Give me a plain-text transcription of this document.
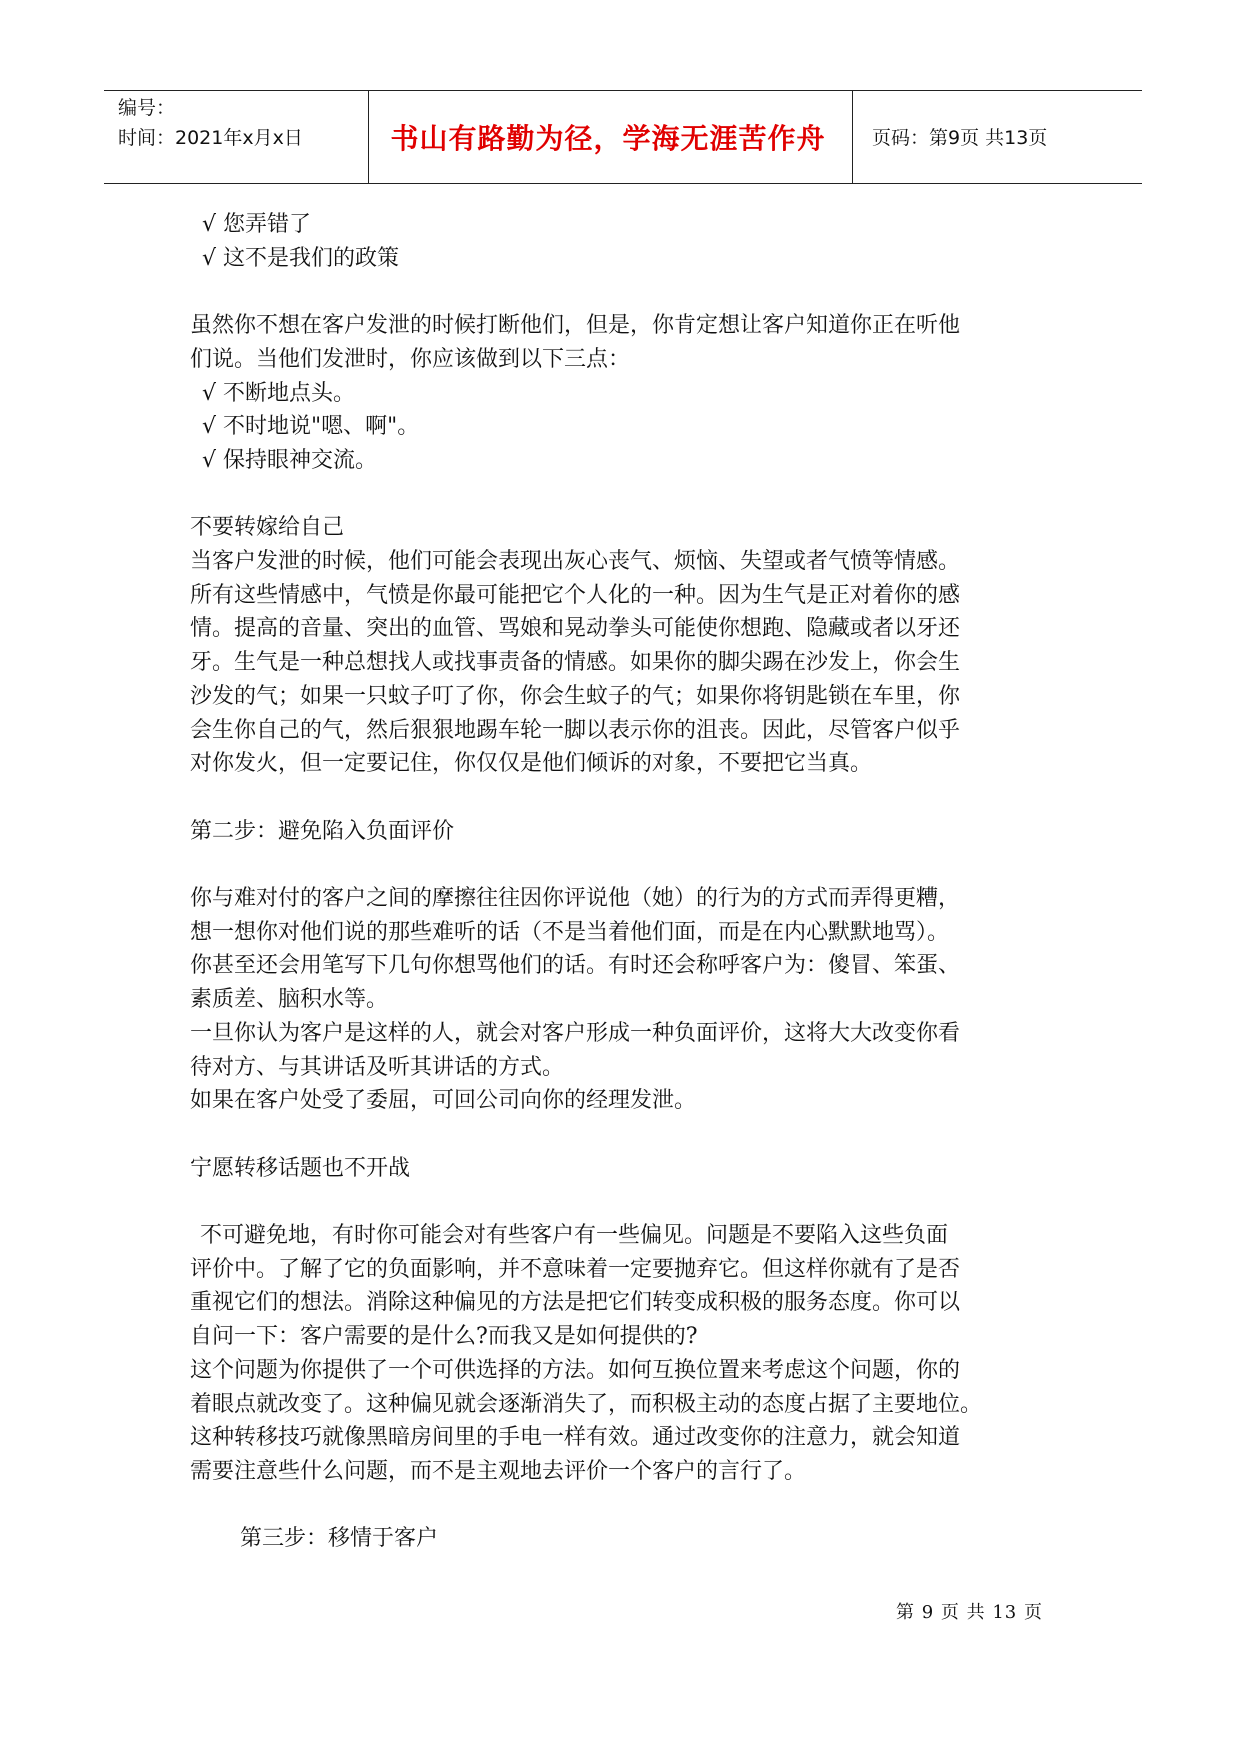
编号：
时间：2021年x月x日	书山有路勤为径，学海无涯苦作舟	页码：第9页 共13页

√ 您弄错了

√ 这不是我们的政策

虽然你不想在客户发泄的时候打断他们，但是，你肯定想让客户知道你正在听他

们说。当他们发泄时，你应该做到以下三点：

√ 不断地点头。

√ 不时地说"嗯、啊"。

√ 保持眼神交流。

不要转嫁给自己

当客户发泄的时候，他们可能会表现出灰心丧气、烦恼、失望或者气愤等情感。

所有这些情感中，气愤是你最可能把它个人化的一种。因为生气是正对着你的感

情。提高的音量、突出的血管、骂娘和晃动拳头可能使你想跑、隐藏或者以牙还

牙。生气是一种总想找人或找事责备的情感。如果你的脚尖踢在沙发上，你会生

沙发的气；如果一只蚊子叮了你，你会生蚊子的气；如果你将钥匙锁在车里，你

会生你自己的气，然后狠狠地踢车轮一脚以表示你的沮丧。因此，尽管客户似乎

对你发火，但一定要记住，你仅仅是他们倾诉的对象，不要把它当真。

第二步：避免陷入负面评价

你与难对付的客户之间的摩擦往往因你评说他（她）的行为的方式而弄得更糟，

想一想你对他们说的那些难听的话（不是当着他们面，而是在内心默默地骂）。

你甚至还会用笔写下几句你想骂他们的话。有时还会称呼客户为：傻冒、笨蛋、

素质差、脑积水等。

一旦你认为客户是这样的人，就会对客户形成一种负面评价，这将大大改变你看

待对方、与其讲话及听其讲话的方式。

如果在客户处受了委屈，可回公司向你的经理发泄。

宁愿转移话题也不开战

不可避免地，有时你可能会对有些客户有一些偏见。问题是不要陷入这些负面

评价中。了解了它的负面影响，并不意味着一定要抛弃它。但这样你就有了是否

重视它们的想法。消除这种偏见的方法是把它们转变成积极的服务态度。你可以

自问一下：客户需要的是什么?而我又是如何提供的?

这个问题为你提供了一个可供选择的方法。如何互换位置来考虑这个问题，你的

着眼点就改变了。这种偏见就会逐渐消失了，而积极主动的态度占据了主要地位。

这种转移技巧就像黑暗房间里的手电一样有效。通过改变你的注意力，就会知道

需要注意些什么问题，而不是主观地去评价一个客户的言行了。

第三步：移情于客户

第 9 页 共 13 页
